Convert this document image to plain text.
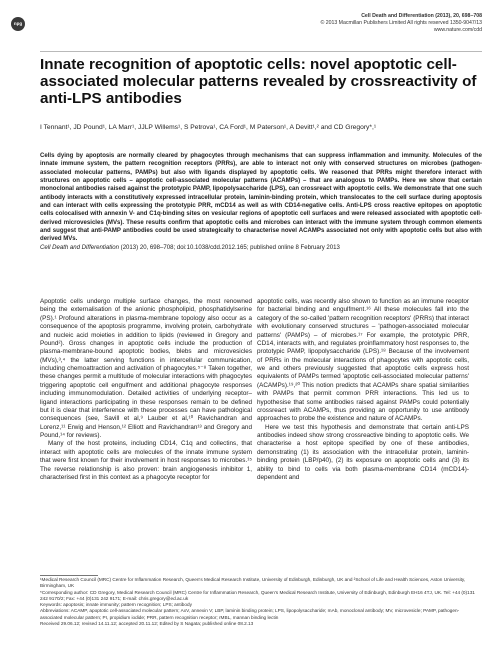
npg
Cell Death and Differentiation (2013), 20, 698–708
© 2013 Macmillan Publishers Limited All rights reserved 1350-9047/13
www.nature.com/cdd
Innate recognition of apoptotic cells: novel apoptotic cell-associated molecular patterns revealed by crossreactivity of anti-LPS antibodies
I Tennant¹, JD Pound¹, LA Marr¹, JJLP Willems¹, S Petrova¹, CA Ford¹, M Paterson¹, A Devitt¹,² and CD Gregory*,¹

Cells dying by apoptosis are normally cleared by phagocytes through mechanisms that can suppress inflammation and immunity. Molecules of the innate immune system, the pattern recognition receptors (PRRs), are able to interact not only with conserved structures on microbes (pathogen-associated molecular patterns, PAMPs) but also with ligands displayed by apoptotic cells. We reasoned that PRRs might therefore interact with structures on apoptotic cells – apoptotic cell-associated molecular patterns (ACAMPs) – that are analogous to PAMPs. Here we show that certain monoclonal antibodies raised against the prototypic PAMP, lipopolysaccharide (LPS), can crossreact with apoptotic cells. We demonstrate that one such antibody interacts with a constitutively expressed intracellular protein, laminin-binding protein, which translocates to the cell surface during apoptosis and can interact with cells expressing the prototypic PRR, mCD14 as well as with CD14-negative cells. Anti-LPS cross reactive epitopes on apoptotic cells colocalised with annexin V- and C1q-binding sites on vesicular regions of apoptotic cell surfaces and were released associated with apoptotic cell-derived microvesicles (MVs). These results confirm that apoptotic cells and microbes can interact with the immune system through common elements and suggest that anti-PAMP antibodies could be used strategically to characterise novel ACAMPs associated not only with apoptotic cells but also with derived MVs.
Cell Death and Differentiation (2013) 20, 698–708; doi:10.1038/cdd.2012.165; published online 8 February 2013

Apoptotic cells undergo multiple surface changes, the most renowned being the externalisation of the anionic phospholipid, phosphatidylserine (PS).¹ Profound alterations in plasma-membrane topology also occur as a consequence of the apoptosis programme, involving protein, carbohydrate and nucleic acid moieties in addition to lipids (reviewed in Gregory and Pound²). Gross changes in apoptotic cells include the production of plasma-membrane-bound apoptotic bodies, blebs and microvesicles (MVs),³,⁴ the latter serving functions in intercellular communication, including chemoattraction and activation of phagocytes.⁵⁻⁸ Taken together, these changes permit a multitude of molecular interactions with phagocytes triggering apoptotic cell engulfment and additional phagocyte responses including immunomodulation. Detailed activities of underlying receptor–ligand interactions participating in these responses remain to be defined but it is clear that interference with these processes can have pathological consequences (see, Savill et al,⁹ Lauber et al,¹⁰ Ravichandran and Lorenz,¹¹ Erwig and Henson,¹² Elliott and Ravichandran¹³ and Gregory and Pound,¹⁴ for reviews).

Many of the host proteins, including CD14, C1q and collectins, that interact with apoptotic cells are molecules of the innate immune system that were first known for their involvement in host responses to microbes.¹⁵ The reverse relationship is also proven: brain angiogenesis inhibitor 1, characterised first in this context as a phagocyte receptor for

apoptotic cells, was recently also shown to function as an immune receptor for bacterial binding and engulfment.¹⁶ All these molecules fall into the category of the so-called 'pattern recognition receptors' (PRRs) that interact with evolutionary conserved structures – 'pathogen-associated molecular patterns' (PAMPs) – of microbes.¹⁷ For example, the prototypic PRR, CD14, interacts with, and regulates proinflammatory host responses to, the prototypic PAMP, lipopolysaccharide (LPS).¹⁸ Because of the involvement of PRRs in the molecular interactions of phagocytes with apoptotic cells, we and others previously suggested that apoptotic cells express host equivalents of PAMPs termed 'apoptotic cell-associated molecular patterns' (ACAMPs).¹⁹,²⁰ This notion predicts that ACAMPs share spatial similarities with PAMPs that permit common PRR interactions. This led us to hypothesise that some antibodies raised against PAMPs could potentially crossreact with ACAMPs, thus providing an opportunity to use antibody approaches to probe the existence and nature of ACAMPs.

Here we test this hypothesis and demonstrate that certain anti-LPS antibodies indeed show strong crossreactive binding to apoptotic cells. We characterise a host epitope specified by one of these antibodies, demonstrating (1) its association with the intracellular protein, laminin-binding protein (LBP/p40), (2) its exposure on apoptotic cells and (3) its ability to bind to cells via both plasma-membrane CD14 (mCD14)-dependent and

¹Medical Research Council (MRC) Centre for Inflammation Research, Queen's Medical Research Institute, University of Edinburgh, Edinburgh, UK and ²School of Life and Health Sciences, Aston University, Birmingham, UK

*Corresponding author: CD Gregory, Medical Research Council (MRC) Centre for Inflammation Research, Queen's Medical Research Institute, University of Edinburgh, Edinburgh EH16 4TJ, UK. Tel: +44 (0)131 242 9170/2; Fax: +44 (0)131 242 9171; E-mail: chris.gregory@ed.ac.uk

Keywords: apoptosis; innate immunity; pattern recognition; LPS; antibody

Abbreviations: ACAMP, apoptotic cell-associated molecular pattern; AxV, annexin V; LBP, laminin binding protein; LPS, lipopolysaccharide; mAb, monoclonal antibody; MV, microvesicle; PAMP, pathogen-associated molecular pattern; PI, propidium iodide; PRR, pattern recognition receptor; rMBL, mannan binding lectin

Received 29.06.12; revised 14.11.12; accepted 20.11.12; Edited by S Nagata; published online 08.2.13
